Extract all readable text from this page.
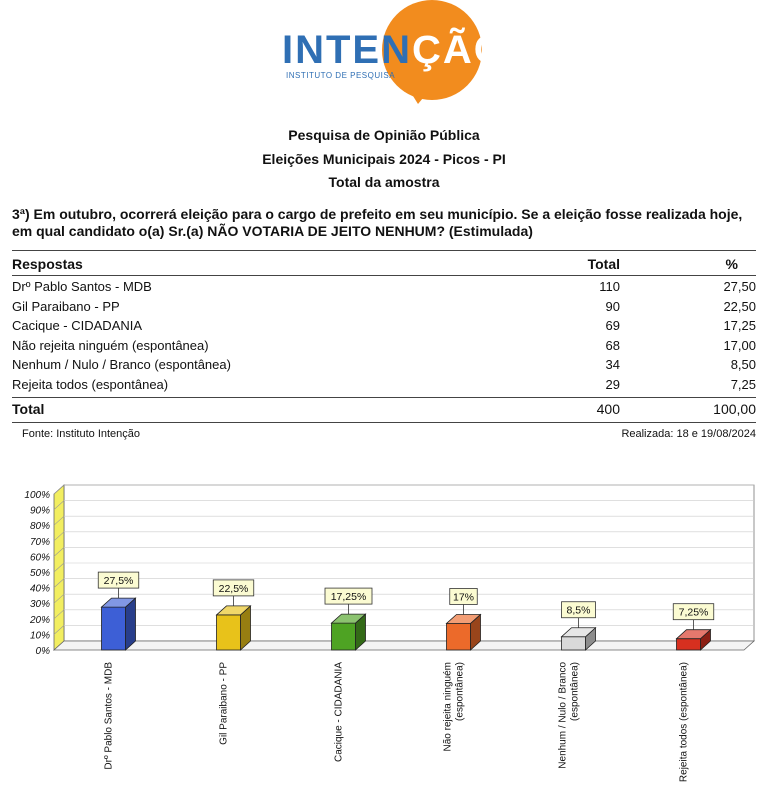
INTENÇÃO
INSTITUTO DE PESQUISA
Pesquisa de Opinião Pública
Eleições Municipais 2024 - Picos - PI
Total da amostra
3ª) Em outubro, ocorrerá eleição para o cargo de prefeito em seu município. Se a eleição fosse realizada hoje, em qual candidato o(a) Sr.(a) NÃO VOTARIA DE JEITO NENHUM? (Estimulada)
Respostas	Total	%
Drº Pablo Santos - MDB	110	27,50
Gil Paraibano - PP	90	22,50
Cacique - CIDADANIA	69	17,25
Não rejeita ninguém (espontânea)	68	17,00
Nenhum / Nulo / Branco (espontânea)	34	8,50
Rejeita todos (espontânea)	29	7,25
Total	400	100,00
Fonte: Instituto Intenção	Realizada: 18 e 19/08/2024
0%
10%
20%
30%
40%
50%
60%
70%
80%
90%
100%
27,5%
Drº Pablo Santos - MDB
22,5%
Gil Paraibano - PP
17,25%
Cacique - CIDADANIA
17%
Não rejeita ninguém(espontânea)
8,5%
Nenhum / Nulo / Branco(espontânea)
7,25%
Rejeita todos (espontânea)
